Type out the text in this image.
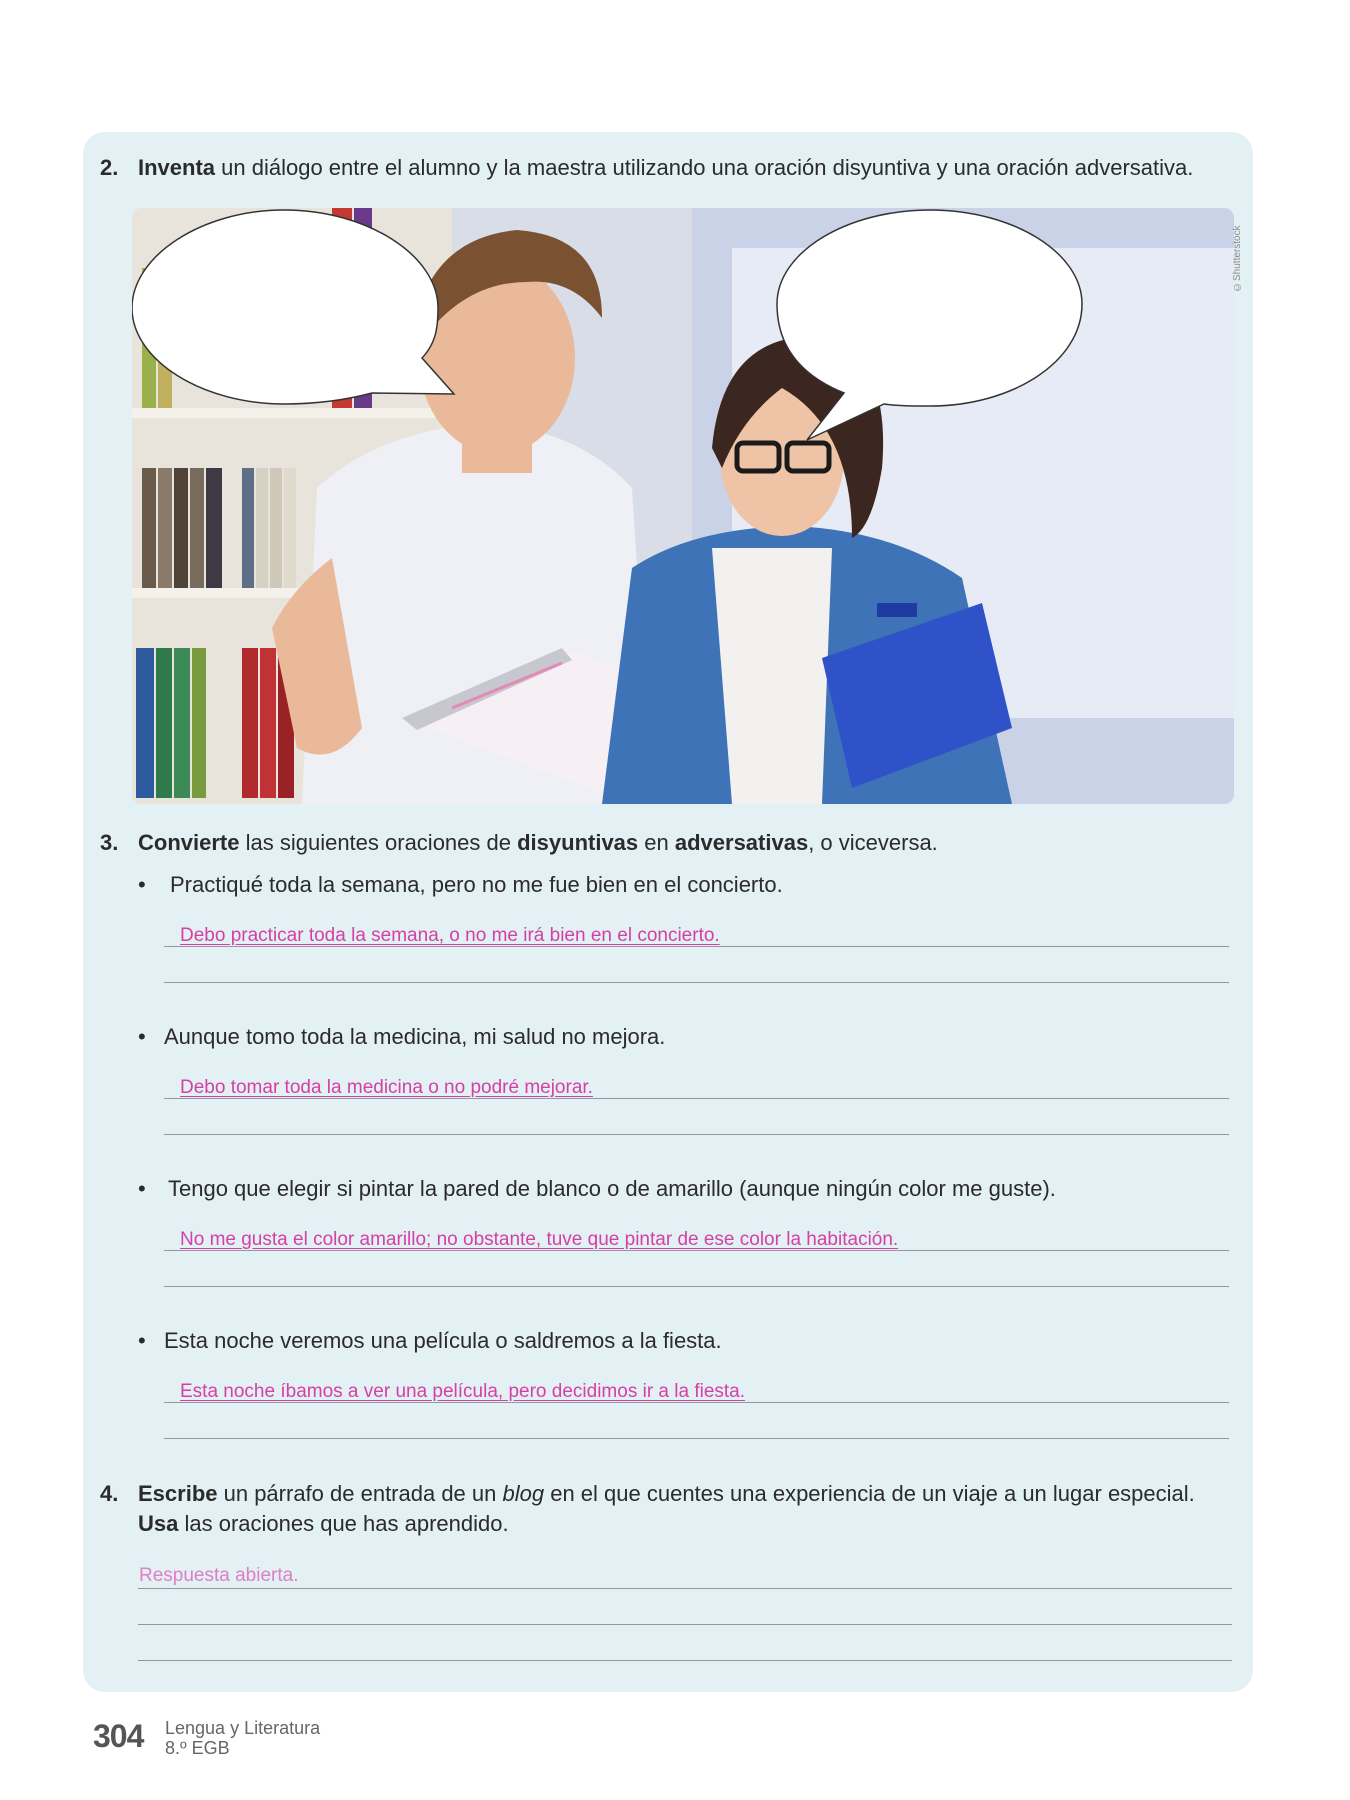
2. Inventa un diálogo entre el alumno y la maestra utilizando una oración disyuntiva y una oración adversativa.
©Shutterstock
3. Convierte las siguientes oraciones de disyuntivas en adversativas, o viceversa.
• Practiqué toda la semana, pero no me fue bien en el concierto.
Debo practicar toda la semana, o no me irá bien en el concierto.
• Aunque tomo toda la medicina, mi salud no mejora.
Debo tomar toda la medicina o no podré mejorar.
• Tengo que elegir si pintar la pared de blanco o de amarillo (aunque ningún color me guste).
No me gusta el color amarillo; no obstante, tuve que pintar de ese color la habitación.
• Esta noche veremos una película o saldremos a la fiesta.
Esta noche íbamos a ver una película, pero decidimos ir a la fiesta.
4. Escribe un párrafo de entrada de un blog en el que cuentes una experiencia de un viaje a un lugar especial.
Usa las oraciones que has aprendido.
Respuesta abierta.
304 Lengua y Literatura
8.º EGB
